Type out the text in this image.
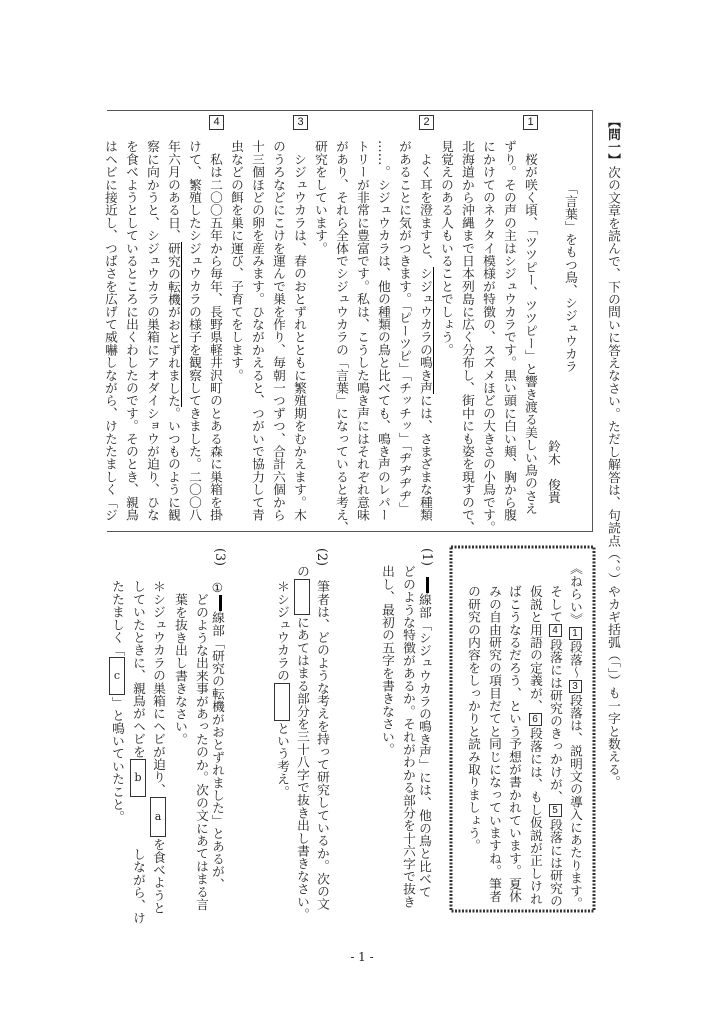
【問一】次の文章を読んで、下の問いに答えなさい。ただし解答は、句読点（、。）やカギ括弧（「」）も一字と数える。
「言葉」をもつ鳥、シジュウカラ
鈴木　俊貴
1
2
3
4
　桜が咲く頃、「ツツピー、ツツピー」と響き渡る美しい鳥のさえ
ずり。その声の主はシジュウカラです。黒い頭に白い頬、胸から腹
にかけてのネクタイ模様が特徴の、スズメほどの大きさの小鳥です。
北海道から沖縄まで日本列島に広く分布し、街中にも姿を現すので、
見覚えのある人もいることでしょう。
　よく耳を澄ますと、シジュウカラの鳴き声には、さまざまな種類
があることに気がつきます。「ピーツピ」「チッチッ」「ヂヂヂヂ」
……。シジュウカラは、他の種類の鳥と比べても、鳴き声のレパー
トリーが非常に豊富です。私は、こうした鳴き声にはそれぞれ意味
があり、それら全体でシジュウカラの「言葉」になっていると考え、
研究をしています。
　シジュウカラは、春のおとずれとともに繁殖期をむかえます。木
のうろなどにこけを運んで巣を作り、毎朝一つずつ、合計六個から
十三個ほどの卵を産みます。ひながかえると、つがいで協力して青
虫などの餌を巣に運び、子育てをします。
　私は二〇〇五年から毎年、長野県軽井沢町のとある森に巣箱を掛
けて、繁殖したシジュウカラの様子を観察してきました。二〇〇八
年六月のある日、研究の転機がおとずれました。いつものように観
察に向かうと、シジュウカラの巣箱にアオダイショウが迫り、ひな
を食べようとしているところに出くわしたのです。そのとき、親鳥
はヘビに接近し、つばさを広げて威嚇しながら、けたたましく「ジ
《ねらい》1段落〜3段落は、説明文の導入にあたります。
そして4段落には研究のきっかけが、5段落には研究の
仮説と用語の定義が、6段落には、もし仮説が正しけれ
ばこうなるだろう、という予想が書かれています。夏休
みの自由研究の項目だてと同じになっていますね。筆者
の研究の内容をしっかりと読み取りましょう。
(1)
線部「シジュウカラの鳴き声」には、他の鳥と比べて
どのような特徴があるか。それがわかる部分を十六字で抜き
出し、最初の五字を書きなさい。
(2)
筆者は、どのような考えを持って研究しているか。次の文
のにあてはまる部分を三十八字で抜き出し書きなさい。
＊シジュウカラのという考え。
(3)
①線部「研究の転機がおとずれました」とあるが、
どのような出来事があったのか。次の文にあてはまる言
葉を抜き出し書きなさい。
＊シジュウカラの巣箱にヘビが迫り、aを食べようと
していたときに、親鳥がヘビをbしながら、け
たたましく「c」と鳴いていたこと。
- 1 -
